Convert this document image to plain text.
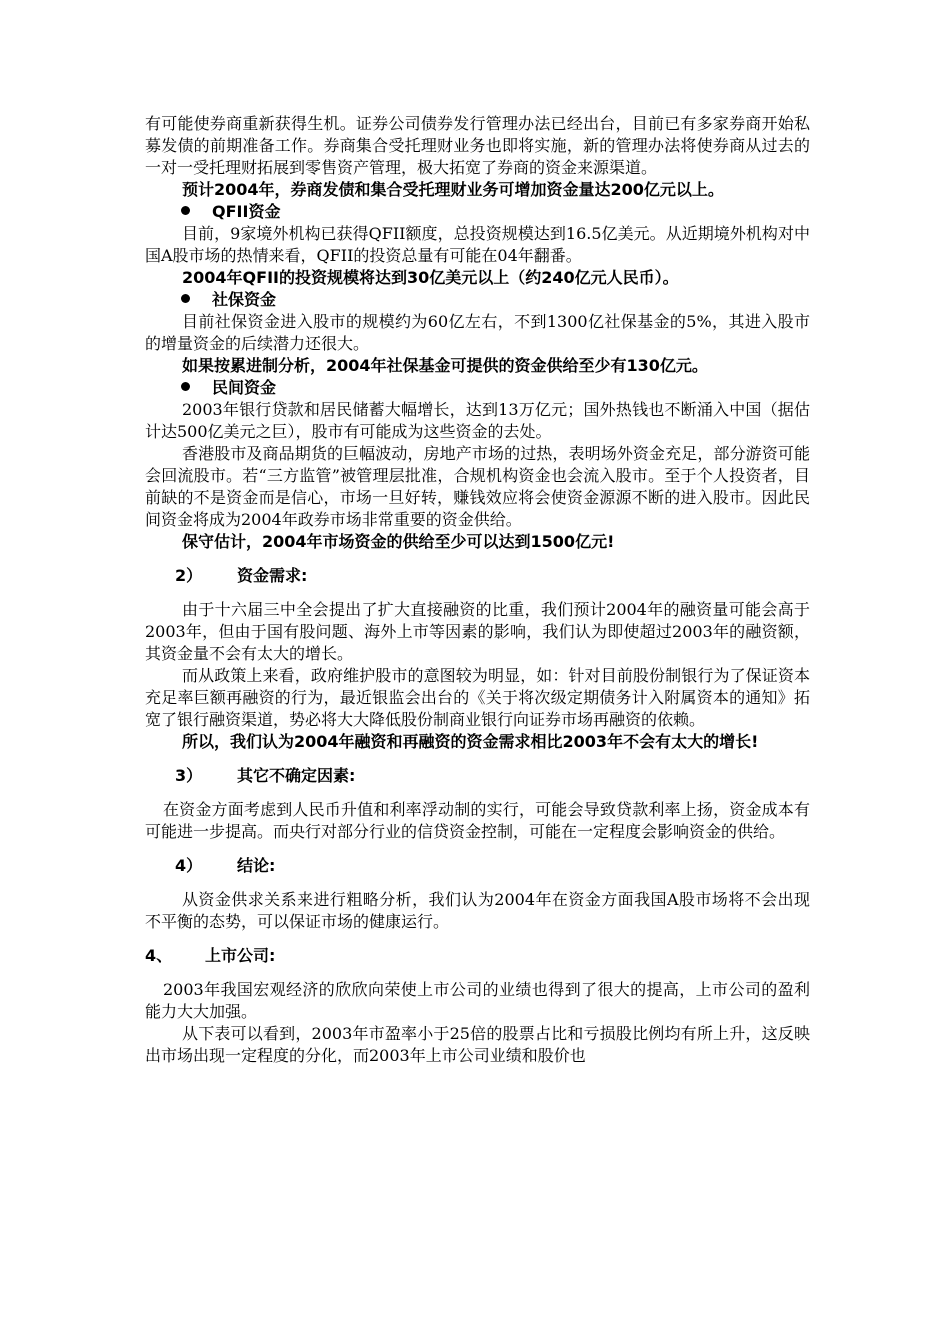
有可能使券商重新获得生机。证券公司债券发行管理办法已经出台，目前已有多家券商开始私募发债的前期准备工作。券商集合受托理财业务也即将实施，新的管理办法将使券商从过去的一对一受托理财拓展到零售资产管理，极大拓宽了券商的资金来源渠道。

预计2004年，券商发债和集合受托理财业务可增加资金量达200亿元以上。

QFII资金

目前，9家境外机构已获得QFII额度，总投资规模达到16.5亿美元。从近期境外机构对中国A股市场的热情来看，QFII的投资总量有可能在04年翻番。

2004年QFII的投资规模将达到30亿美元以上（约240亿元人民币）。

社保资金

目前社保资金进入股市的规模约为60亿左右，不到1300亿社保基金的5%，其进入股市的增量资金的后续潜力还很大。

如果按累进制分析，2004年社保基金可提供的资金供给至少有130亿元。

民间资金

2003年银行贷款和居民储蓄大幅增长，达到13万亿元；国外热钱也不断涌入中国（据估计达500亿美元之巨），股市有可能成为这些资金的去处。

香港股市及商品期货的巨幅波动，房地产市场的过热，表明场外资金充足，部分游资可能会回流股市。若“三方监管”被管理层批准，合规机构资金也会流入股市。至于个人投资者，目前缺的不是资金而是信心，市场一旦好转，赚钱效应将会使资金源源不断的进入股市。因此民间资金将成为2004年政券市场非常重要的资金供给。

保守估计，2004年市场资金的供给至少可以达到1500亿元!

2） 资金需求:

由于十六届三中全会提出了扩大直接融资的比重，我们预计2004年的融资量可能会高于2003年，但由于国有股问题、海外上市等因素的影响，我们认为即使超过2003年的融资额，其资金量不会有太大的增长。

而从政策上来看，政府维护股市的意图较为明显，如：针对目前股份制银行为了保证资本充足率巨额再融资的行为，最近银监会出台的《关于将次级定期债务计入附属资本的通知》拓宽了银行融资渠道，势必将大大降低股份制商业银行向证券市场再融资的依赖。

所以，我们认为2004年融资和再融资的资金需求相比2003年不会有太大的增长!

3） 其它不确定因素:

在资金方面考虑到人民币升值和利率浮动制的实行，可能会导致贷款利率上扬，资金成本有可能进一步提高。而央行对部分行业的信贷资金控制，可能在一定程度会影响资金的供给。

4） 结论:

从资金供求关系来进行粗略分析，我们认为2004年在资金方面我国A股市场将不会出现不平衡的态势，可以保证市场的健康运行。

4、 上市公司:

2003年我国宏观经济的欣欣向荣使上市公司的业绩也得到了很大的提高，上市公司的盈利能力大大加强。

从下表可以看到，2003年市盈率小于25倍的股票占比和亏损股比例均有所上升，这反映出市场出现一定程度的分化，而2003年上市公司业绩和股价也
